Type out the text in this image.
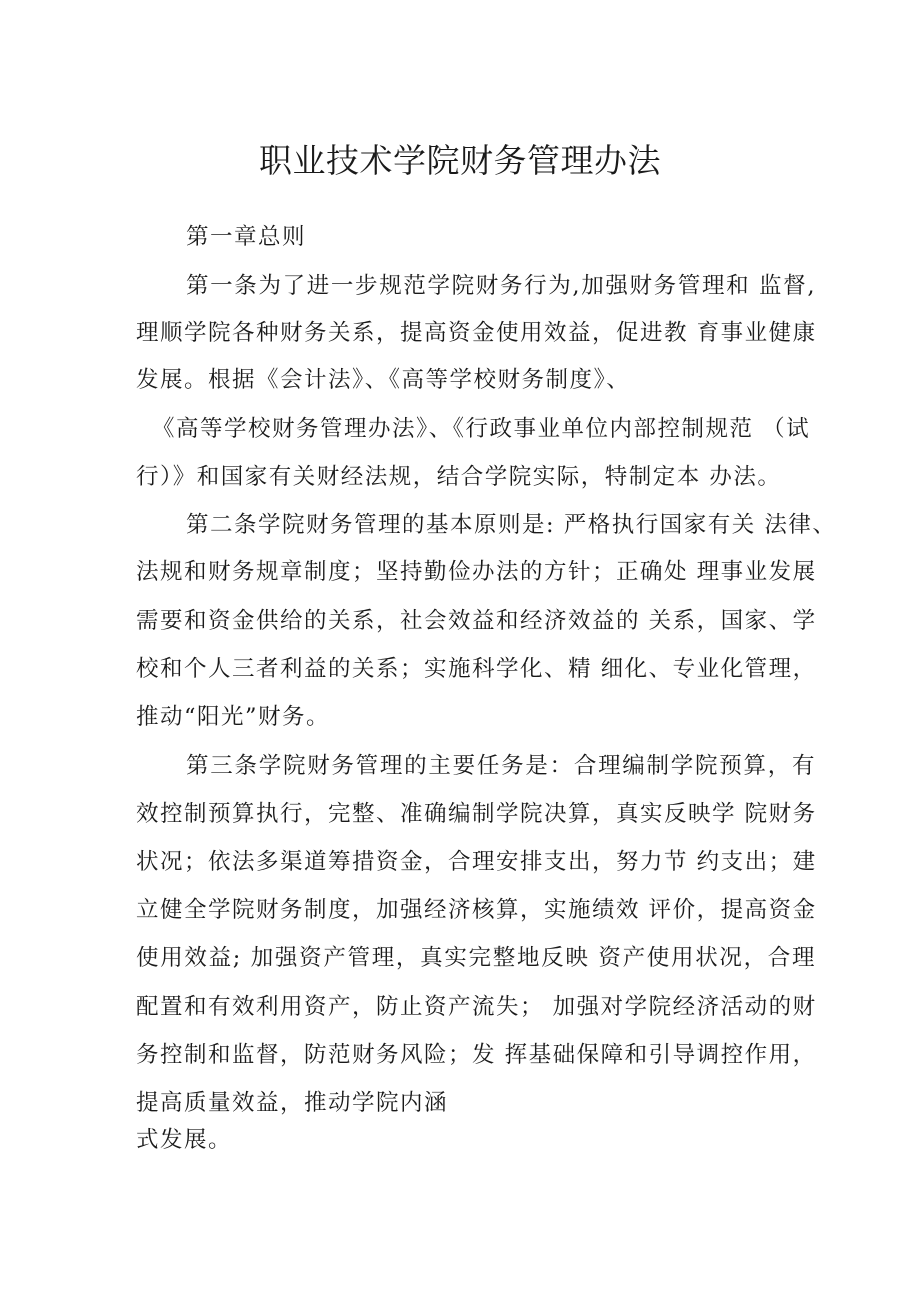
职业技术学院财务管理办法
第一章总则
第一条为了进一步规范学院财务行为,加强财务管理和 监督,
理顺学院各种财务关系，提高资金使用效益，促进教 育事业健康
发展。根据《会计法》、《高等学校财务制度》、
《高等学校财务管理办法》、《行政事业单位内部控制规范 （试
行）》和国家有关财经法规，结合学院实际，特制定本 办法。
第二条学院财务管理的基本原则是: 严格执行国家有关 法律、
法规和财务规章制度；坚持勤俭办法的方针；正确处 理事业发展
需要和资金供给的关系，社会效益和经济效益的 关系，国家、学
校和个人三者利益的关系；实施科学化、精 细化、专业化管理，
推动“阳光”财务。
第三条学院财务管理的主要任务是：合理编制学院预算，有
效控制预算执行，完整、准确编制学院决算，真实反映学 院财务
状况；依法多渠道筹措资金，合理安排支出，努力节 约支出；建
立健全学院财务制度，加强经济核算，实施绩效 评价，提高资金
使用效益; 加强资产管理，真实完整地反映 资产使用状况，合理
配置和有效利用资产，防止资产流失； 加强对学院经济活动的财
务控制和监督，防范财务风险；发 挥基础保障和引导调控作用，
提高质量效益，推动学院内涵
式发展。
